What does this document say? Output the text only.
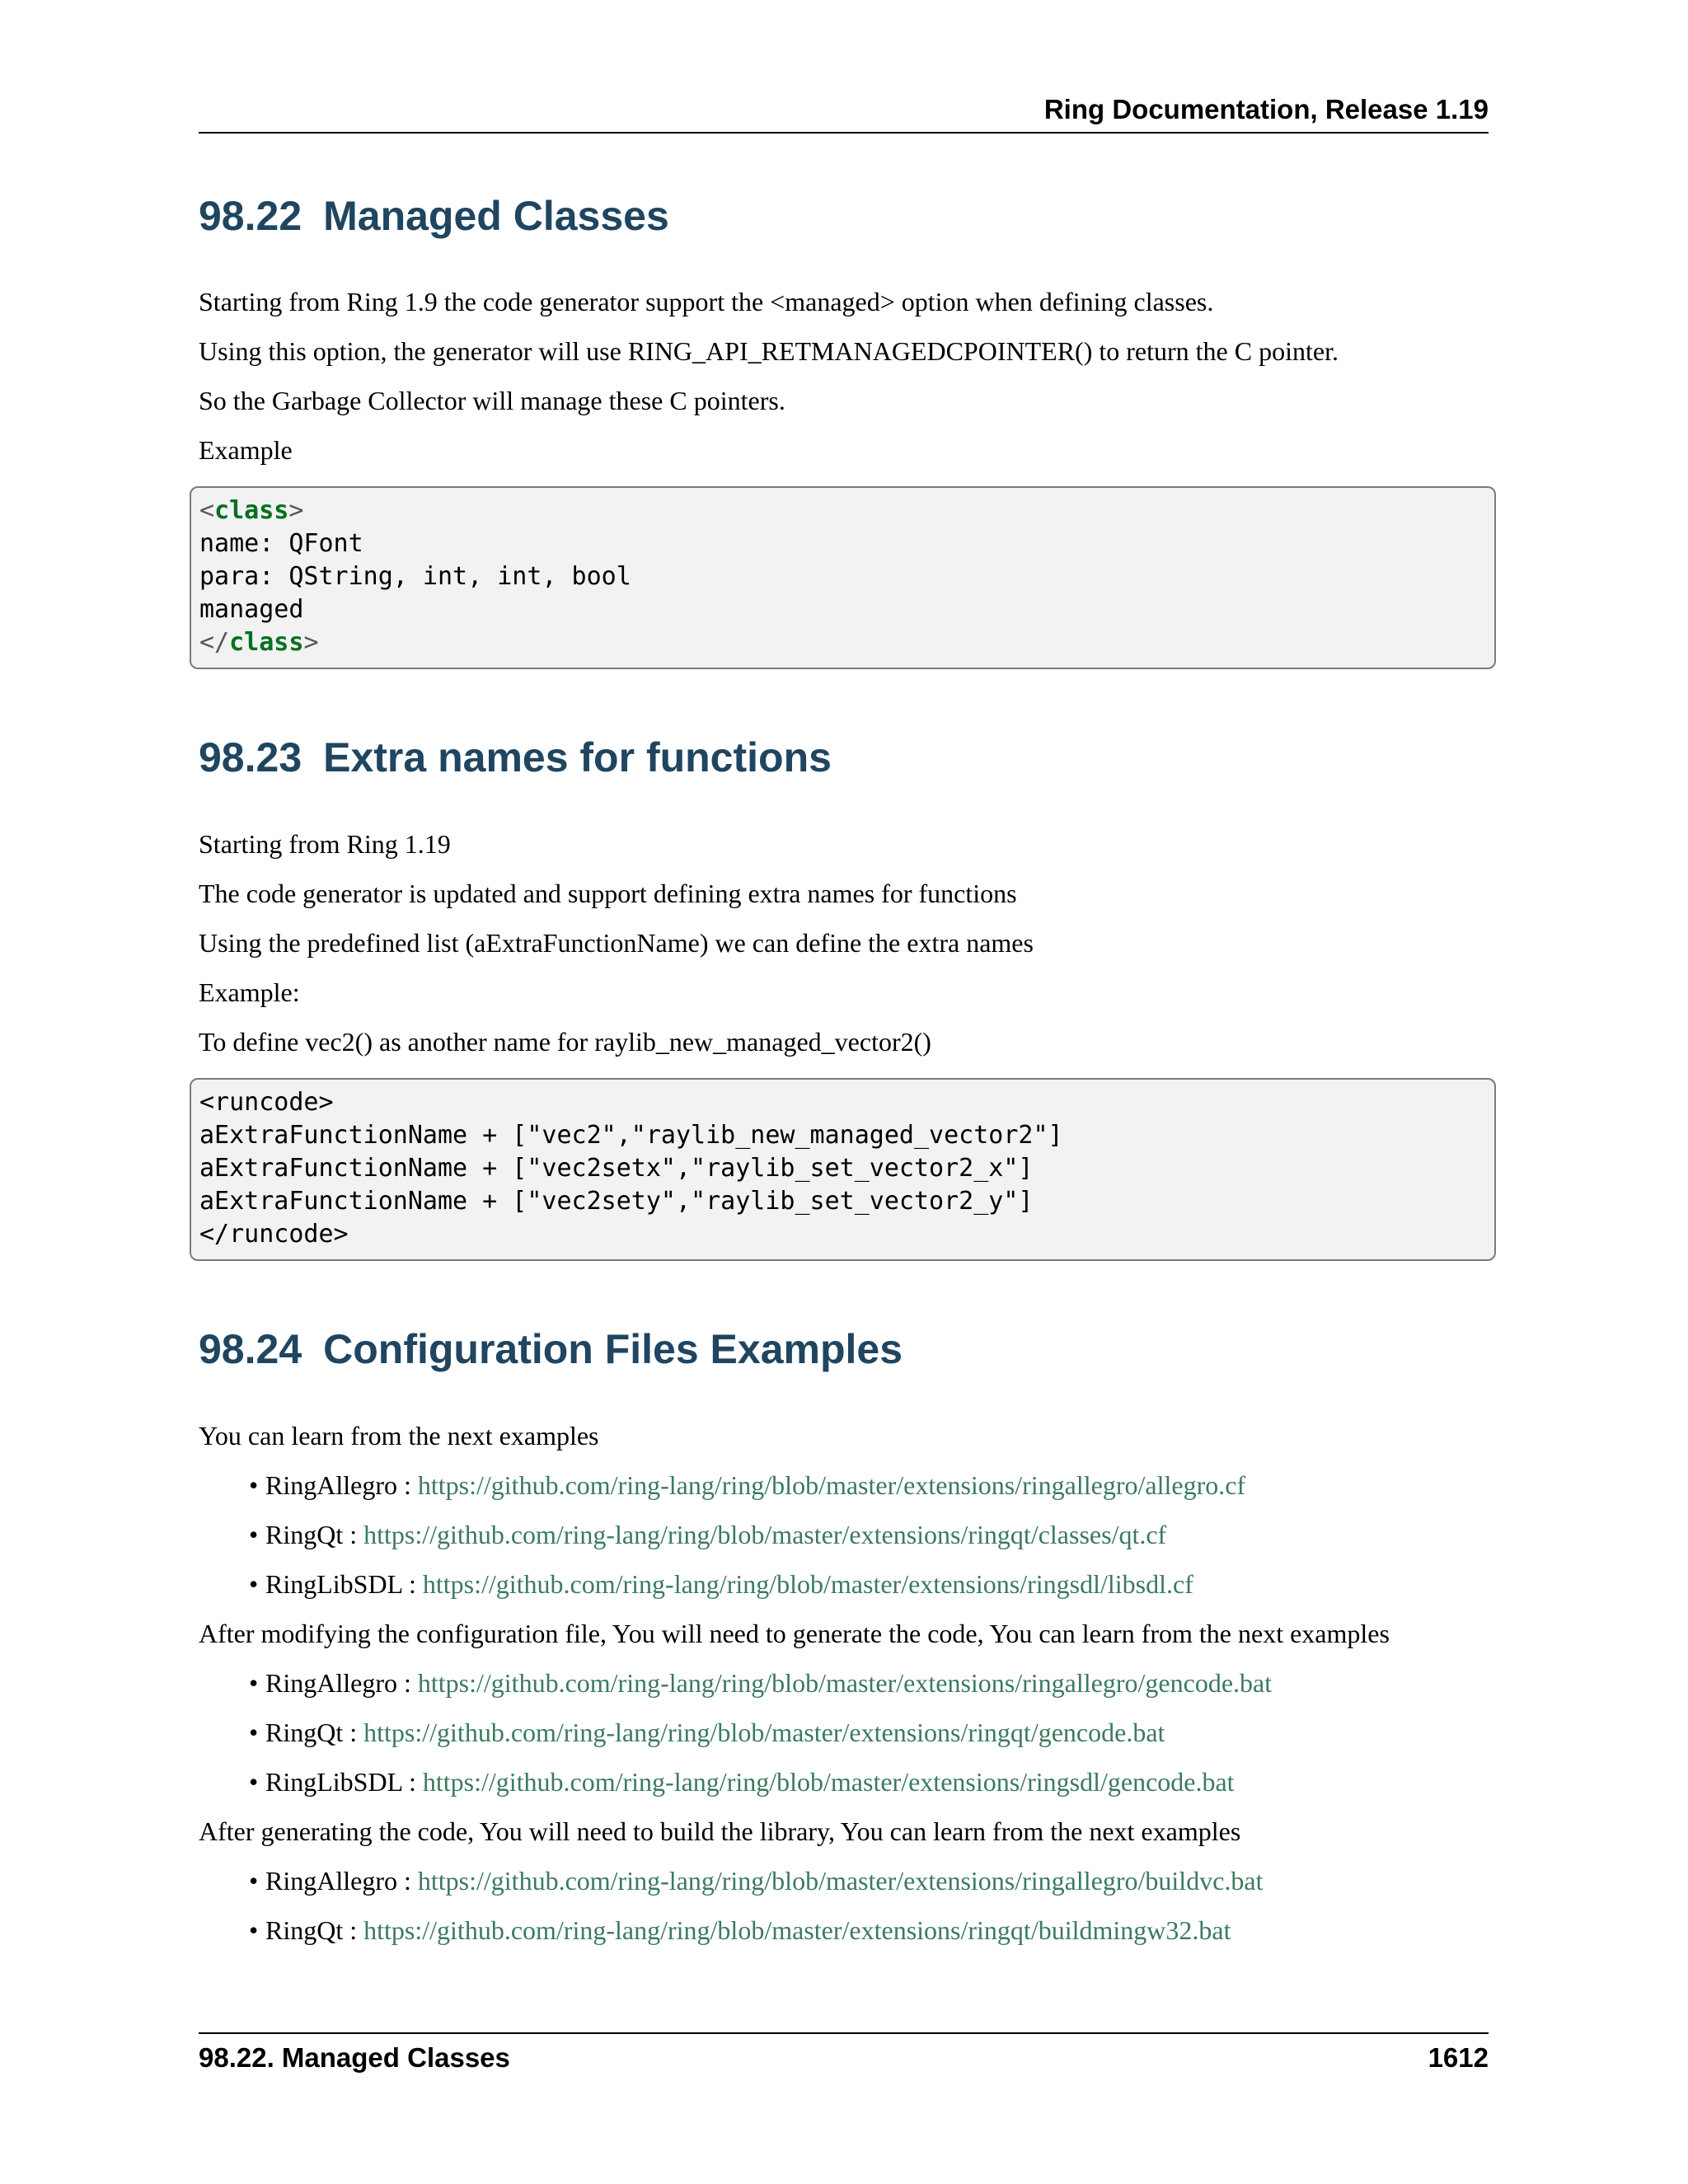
Ring Documentation, Release 1.19
98.22 Managed Classes

Starting from Ring 1.9 the code generator support the <managed> option when defining classes.

Using this option, the generator will use RING_API_RETMANAGEDCPOINTER() to return the C pointer.

So the Garbage Collector will manage these C pointers.

Example

<class>
name: QFont
para: QString, int, int, bool
managed
</class>
98.23 Extra names for functions

Starting from Ring 1.19

The code generator is updated and support defining extra names for functions

Using the predefined list (aExtraFunctionName) we can define the extra names

Example:

To define vec2() as another name for raylib_new_managed_vector2()

<runcode>
aExtraFunctionName + ["vec2","raylib_new_managed_vector2"]
aExtraFunctionName + ["vec2setx","raylib_set_vector2_x"]
aExtraFunctionName + ["vec2sety","raylib_set_vector2_y"]
</runcode>
98.24 Configuration Files Examples

You can learn from the next examples

• RingAllegro : https://github.com/ring-lang/ring/blob/master/extensions/ringallegro/allegro.cf

• RingQt : https://github.com/ring-lang/ring/blob/master/extensions/ringqt/classes/qt.cf

• RingLibSDL : https://github.com/ring-lang/ring/blob/master/extensions/ringsdl/libsdl.cf

After modifying the configuration file, You will need to generate the code, You can learn from the next examples

• RingAllegro : https://github.com/ring-lang/ring/blob/master/extensions/ringallegro/gencode.bat

• RingQt : https://github.com/ring-lang/ring/blob/master/extensions/ringqt/gencode.bat

• RingLibSDL : https://github.com/ring-lang/ring/blob/master/extensions/ringsdl/gencode.bat

After generating the code, You will need to build the library, You can learn from the next examples

• RingAllegro : https://github.com/ring-lang/ring/blob/master/extensions/ringallegro/buildvc.bat

• RingQt : https://github.com/ring-lang/ring/blob/master/extensions/ringqt/buildmingw32.bat

98.22. Managed Classes	1612
